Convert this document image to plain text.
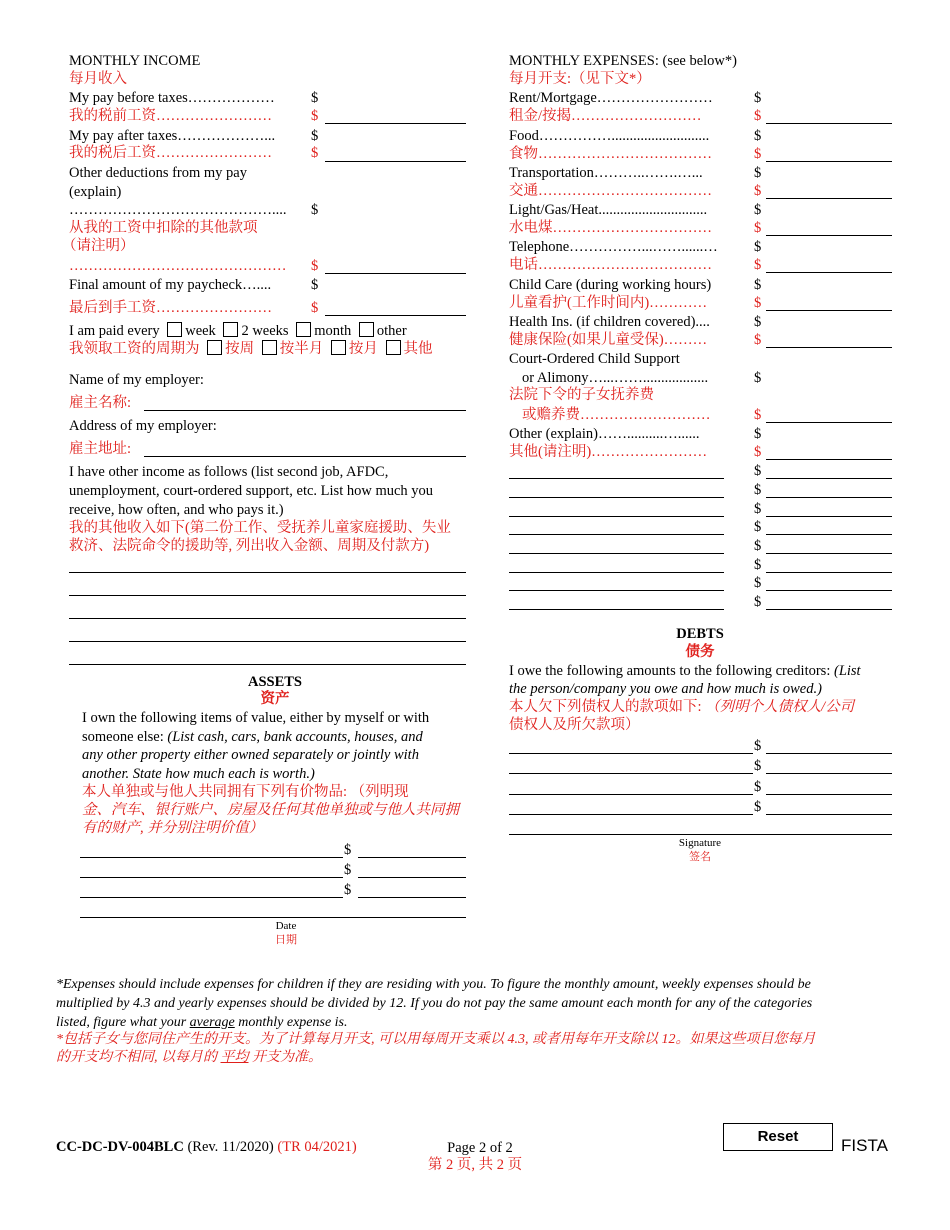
MONTHLY INCOME
每月收入
My pay before taxes……………… $
我的税前工资……………………	$
My pay after taxes………………... $
我的税后工资……………………	$
Other deductions from my pay
(explain)
…………………………………….... $
从我的工资中扣除的其他款项
（请注明）
……………………………………… $
Final amount of my paycheck…....	$
最后到手工资……………………	$
I am paid every week 2 weeks month other
我领取工资的周期为 按周 按半月 按月 其他
Name of my employer:
雇主名称:
Address of my employer:
雇主地址:
I have other income as follows (list second job, AFDC,
unemployment, court-ordered support, etc. List how much you
receive, how often, and who pays it.)
我的其他收入如下(第二份工作、受抚养儿童家庭援助、失业
救济、法院命令的援助等, 列出收入金额、周期及付款方)
ASSETS
资产
I own the following items of value, either by myself or with
someone else: (List cash, cars, bank accounts, houses, and
any other property either owned separately or jointly with
another. State how much each is worth.)
本人单独或与他人共同拥有下列有价物品: （列明现
金、汽车、银行账户、房屋及任何其他单独或与他人共同拥
有的财产, 并分别注明价值）
$
$
$
Date
日期
MONTHLY EXPENSES: (see below*)
每月开支:（见下文*）
Rent/Mortgage……………………	$
租金/按揭………………………	$
Food……………...........................	$
食物………………………………	$
Transportation………..…….…...	$
交通………………………………	$
Light/Gas/Heat..............................	$
水电煤……………………………	$
Telephone……………...……......… $
电话………………………………	$
Child Care (during working hours)	$
儿童看护(工作时间内)…………	$
Health Ins. (if children covered)....	$
健康保险(如果儿童受保)………	$
Court-Ordered Child Support
or Alimony…...……..................	$
法院下令的子女抚养费
或赡养费………………………	$
Other (explain)……..........…......	$
其他(请注明)……………………	$
$
$
$
$
$
$
$
$
DEBTS
债务
I owe the following amounts to the following creditors: (List
the person/company you owe and how much is owed.)
本人欠下列债权人的款项如下: （列明个人债权人/公司
债权人及所欠款项）
$
$
$
$
Signature
签名
*Expenses should include expenses for children if they are residing with you. To figure the monthly amount, weekly expenses should be
multiplied by 4.3 and yearly expenses should be divided by 12. If you do not pay the same amount each month for any of the categories
listed, figure what your average monthly expense is.
*包括子女与您同住产生的开支。为了计算每月开支, 可以用每周开支乘以 4.3, 或者用每年开支除以 12。如果这些项目您每月
的开支均不相同, 以每月的 平均 开支为准。
CC-DC-DV-004BLC (Rev. 11/2020) (TR 04/2021)	Page 2 of 2
第 2 页, 共 2 页
Reset	FISTA
